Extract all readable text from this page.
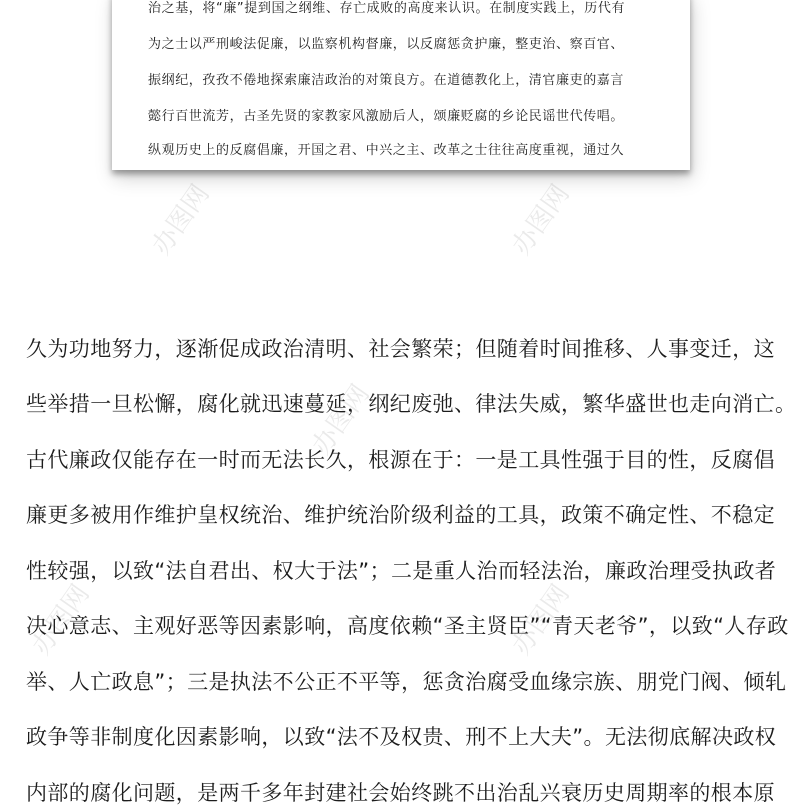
办图网	办图网
办图网
办图网	办图网
治之基，将“廉”提到国之纲维、存亡成败的高度来认识。在制度实践上，历代有
为之士以严刑峻法促廉，以监察机构督廉，以反腐惩贪护廉，整吏治、察百官、
振纲纪，孜孜不倦地探索廉洁政治的对策良方。在道德教化上，清官廉吏的嘉言
懿行百世流芳，古圣先贤的家教家风激励后人，颂廉贬腐的乡论民谣世代传唱。
纵观历史上的反腐倡廉，开国之君、中兴之主、改革之士往往高度重视，通过久
久为功地努力，逐渐促成政治清明、社会繁荣；但随着时间推移、人事变迁，这
些举措一旦松懈，腐化就迅速蔓延，纲纪废弛、律法失威，繁华盛世也走向消亡。
古代廉政仅能存在一时而无法长久，根源在于：一是工具性强于目的性，反腐倡
廉更多被用作维护皇权统治、维护统治阶级利益的工具，政策不确定性、不稳定
性较强，以致“法自君出、权大于法”；二是重人治而轻法治，廉政治理受执政者
决心意志、主观好恶等因素影响，高度依赖“圣主贤臣”“青天老爷”，以致“人存政
举、人亡政息”；三是执法不公正不平等，惩贪治腐受血缘宗族、朋党门阀、倾轧
政争等非制度化因素影响，以致“法不及权贵、刑不上大夫”。无法彻底解决政权
内部的腐化问题，是两千多年封建社会始终跳不出治乱兴衰历史周期率的根本原
